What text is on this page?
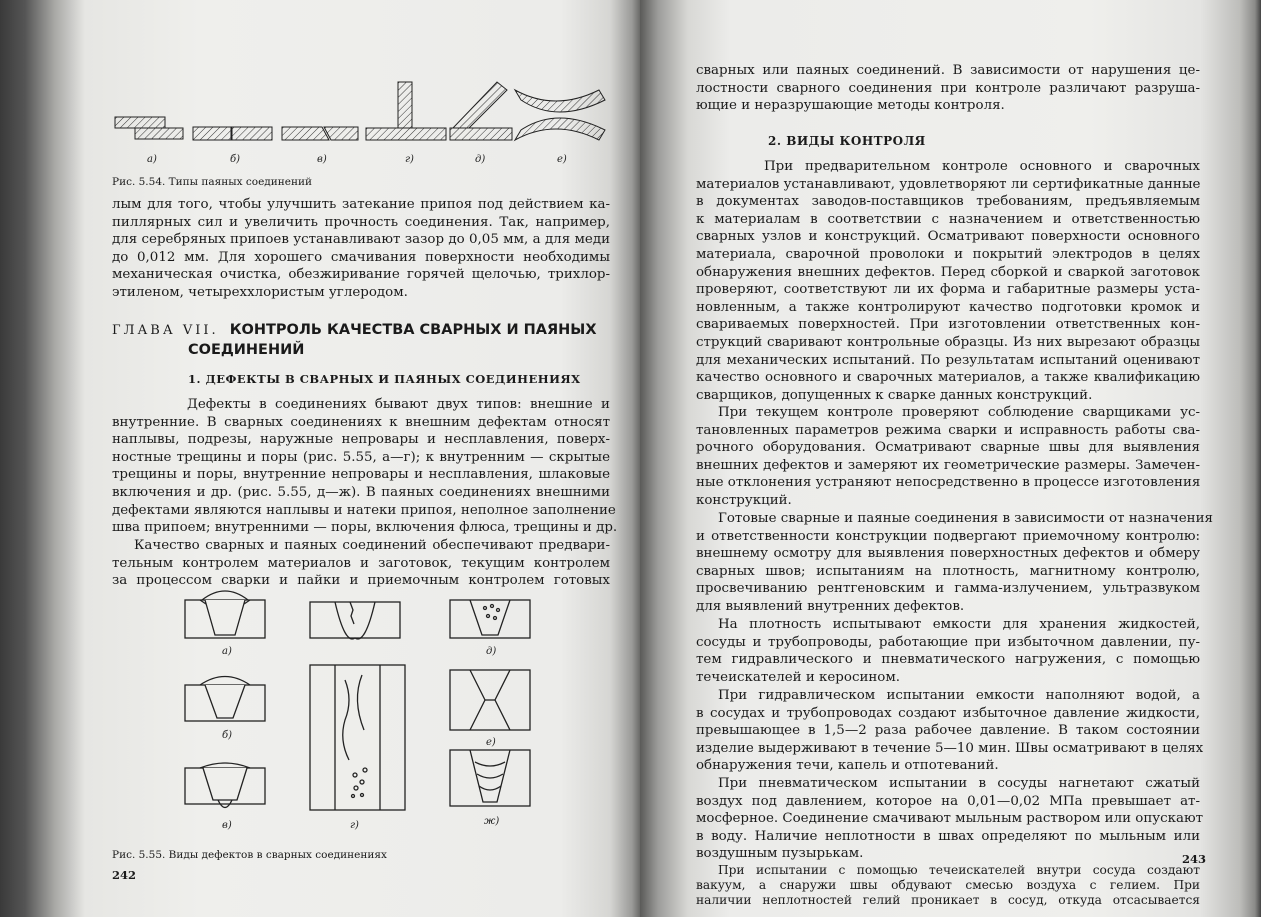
а)	б)	в)	г)	д)	е)
Рис. 5.54. Типы паяных соединений
лым для того, чтобы улучшить затекание припоя под действием ка-
пиллярных сил и увеличить прочность соединения. Так, например,
для серебряных припоев устанавливают зазор до 0,05 мм, а для меди
до 0,012 мм. Для хорошего смачивания поверхности необходимы
механическая очистка, обезжиривание горячей щелочью, трихлор-
этиленом, четыреххлористым углеродом.
ГЛАВА VII. КОНТРОЛЬ КАЧЕСТВА СВАРНЫХ И ПАЯНЫХ
СОЕДИНЕНИЙ
1. ДЕФЕКТЫ В СВАРНЫХ И ПАЯНЫХ СОЕДИНЕНИЯХ
Дефекты в соединениях бывают двух типов: внешние и
внутренние. В сварных соединениях к внешним дефектам относят
наплывы, подрезы, наружные непровары и несплавления, поверх-
ностные трещины и поры (рис. 5.55, а—г); к внутренним — скрытые
трещины и поры, внутренние непровары и несплавления, шлаковые
включения и др. (рис. 5.55, д—ж). В паяных соединениях внешними
дефектами являются наплывы и натеки припоя, неполное заполнение
шва припоем; внутренними — поры, включения флюса, трещины и др.
Качество сварных и паяных соединений обеспечивают предвари-
тельным контролем материалов и заготовок, текущим контролем
за процессом сварки и пайки и приемочным контролем готовых
а)
б)
в)	г)
д)
е)
ж)
Рис. 5.55. Виды дефектов в сварных соединениях
242
сварных или паяных соединений. В зависимости от нарушения це-
лостности сварного соединения при контроле различают разруша-
ющие и неразрушающие методы контроля.
2. ВИДЫ КОНТРОЛЯ
При предварительном контроле основного и сварочных
материалов устанавливают, удовлетворяют ли сертификатные данные
в документах заводов-поставщиков требованиям, предъявляемым
к материалам в соответствии с назначением и ответственностью
сварных узлов и конструкций. Осматривают поверхности основного
материала, сварочной проволоки и покрытий электродов в целях
обнаружения внешних дефектов. Перед сборкой и сваркой заготовок
проверяют, соответствуют ли их форма и габаритные размеры уста-
новленным, а также контролируют качество подготовки кромок и
свариваемых поверхностей. При изготовлении ответственных кон-
струкций сваривают контрольные образцы. Из них вырезают образцы
для механических испытаний. По результатам испытаний оценивают
качество основного и сварочных материалов, а также квалификацию
сварщиков, допущенных к сварке данных конструкций.
При текущем контроле проверяют соблюдение сварщиками ус-
тановленных параметров режима сварки и исправность работы сва-
рочного оборудования. Осматривают сварные швы для выявления
внешних дефектов и замеряют их геометрические размеры. Замечен-
ные отклонения устраняют непосредственно в процессе изготовления
конструкций.
Готовые сварные и паяные соединения в зависимости от назначения
и ответственности конструкции подвергают приемочному контролю:
внешнему осмотру для выявления поверхностных дефектов и обмеру
сварных швов; испытаниям на плотность, магнитному контролю,
просвечиванию рентгеновским и гамма-излучением, ультразвуком
для выявлений внутренних дефектов.
На плотность испытывают емкости для хранения жидкостей,
сосуды и трубопроводы, работающие при избыточном давлении, пу-
тем гидравлического и пневматического нагружения, с помощью
течеискателей и керосином.
При гидравлическом испытании емкости наполняют водой, а
в сосудах и трубопроводах создают избыточное давление жидкости,
превышающее в 1,5—2 раза рабочее давление. В таком состоянии
изделие выдерживают в течение 5—10 мин. Швы осматривают в целях
обнаружения течи, капель и отпотеваний.
При пневматическом испытании в сосуды нагнетают сжатый
воздух под давлением, которое на 0,01—0,02 МПа превышает ат-
мосферное. Соединение смачивают мыльным раствором или опускают
в воду. Наличие неплотности в швах определяют по мыльным или
воздушным пузырькам.
При испытании с помощью течеискателей внутри сосуда создают
вакуум, а снаружи швы обдувают смесью воздуха с гелием. При
наличии неплотностей гелий проникает в сосуд, откуда отсасывается
243
